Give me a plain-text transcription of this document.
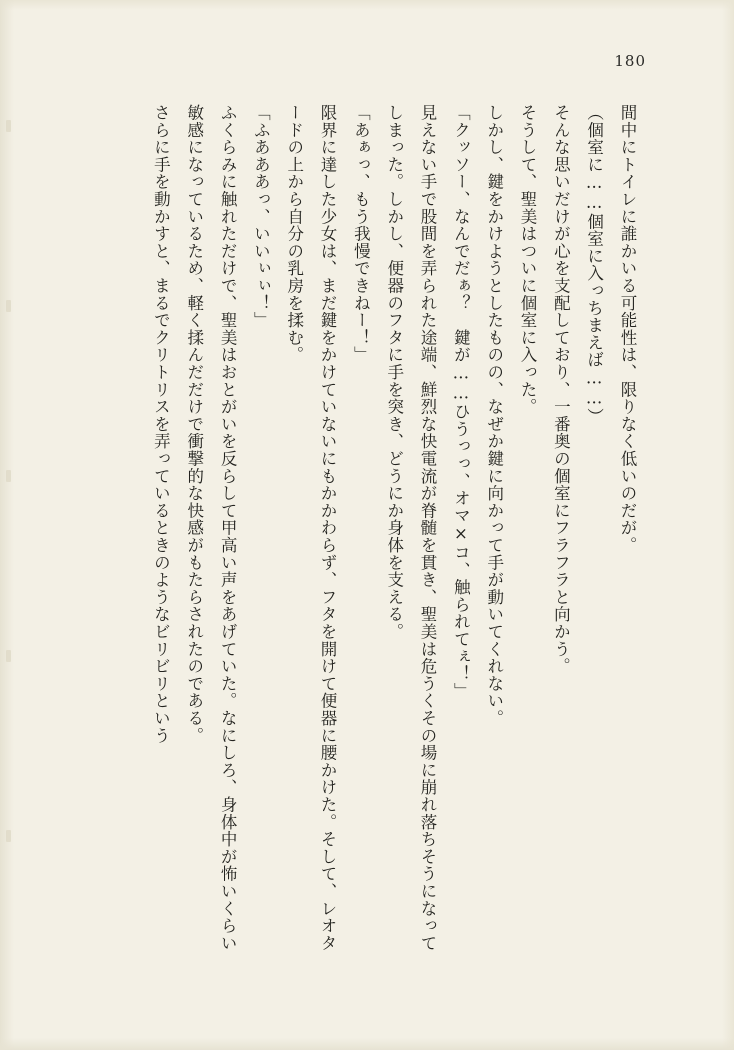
180

間中にトイレに誰かいる可能性は、限りなく低いのだが。

（個室に……個室に入っちまえば……）

そんな思いだけが心を支配しており、一番奥の個室にフラフラと向かう。

そうして、聖美はついに個室に入った。

しかし、鍵をかけようとしたものの、なぜか鍵に向かって手が動いてくれない。

「クッソー、なんでだぁ？　鍵が……ひうっっ、オマ×コ、触られてぇ！」

見えない手で股間を弄られた途端、鮮烈な快電流が脊髄を貫き、聖美は危うくその場に崩れ落ちそうになってしまった。しかし、便器のフタに手を突き、どうにか身体を支える。

「あぁっ、もう我慢できねー！」

限界に達した少女は、まだ鍵をかけていないにもかかわらず、フタを開けて便器に腰かけた。そして、レオタードの上から自分の乳房を揉む。

「ふあああっ、いいぃぃ！」

ふくらみに触れただけで、聖美はおとがいを反らして甲高い声をあげていた。なにしろ、身体中が怖いくらい敏感になっているため、軽く揉んだだけで衝撃的な快感がもたらされたのである。

さらに手を動かすと、まるでクリトリスを弄っているときのようなビリビリという
